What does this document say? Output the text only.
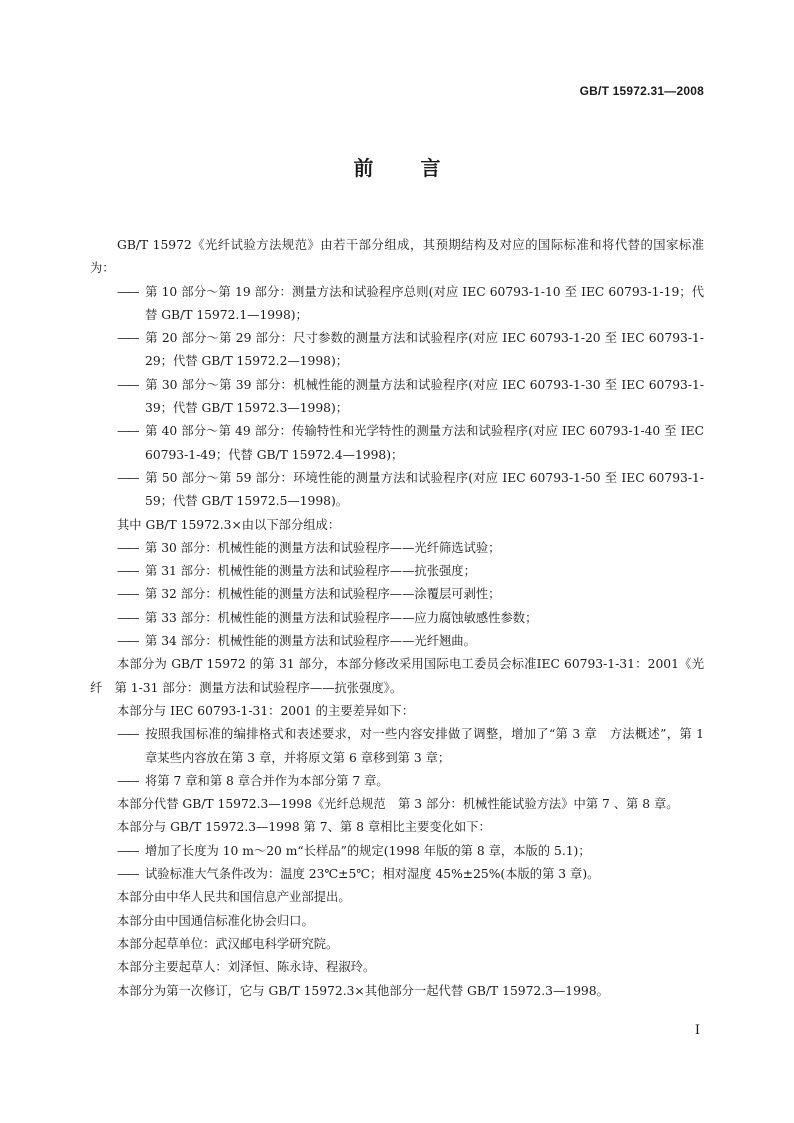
GB/T 15972.31—2008
前 言

GB/T 15972《光纤试验方法规范》由若干部分组成，其预期结构及对应的国际标准和将代替的国家标准为：

—— 第 10 部分～第 19 部分：测量方法和试验程序总则(对应 IEC 60793-1-10 至 IEC 60793-1-19；代替 GB/T 15972.1—1998)；

—— 第 20 部分～第 29 部分：尺寸参数的测量方法和试验程序(对应 IEC 60793-1-20 至 IEC 60793-1-29；代替 GB/T 15972.2—1998)；

—— 第 30 部分～第 39 部分：机械性能的测量方法和试验程序(对应 IEC 60793-1-30 至 IEC 60793-1-39；代替 GB/T 15972.3—1998)；

—— 第 40 部分～第 49 部分：传输特性和光学特性的测量方法和试验程序(对应 IEC 60793-1-40 至 IEC 60793-1-49；代替 GB/T 15972.4—1998)；

—— 第 50 部分～第 59 部分：环境性能的测量方法和试验程序(对应 IEC 60793-1-50 至 IEC 60793-1-59；代替 GB/T 15972.5—1998)。

其中 GB/T 15972.3×由以下部分组成：

—— 第 30 部分：机械性能的测量方法和试验程序——光纤筛选试验；

—— 第 31 部分：机械性能的测量方法和试验程序——抗张强度；

—— 第 32 部分：机械性能的测量方法和试验程序——涂覆层可剥性；

—— 第 33 部分：机械性能的测量方法和试验程序——应力腐蚀敏感性参数；

—— 第 34 部分：机械性能的测量方法和试验程序——光纤翘曲。

本部分为 GB/T 15972 的第 31 部分，本部分修改采用国际电工委员会标准IEC 60793-1-31：2001《光纤　第 1-31 部分：测量方法和试验程序——抗张强度》。

本部分与 IEC 60793-1-31：2001 的主要差异如下：

—— 按照我国标准的编排格式和表述要求，对一些内容安排做了调整，增加了“第 3 章　方法概述”，第 1 章某些内容放在第 3 章，并将原文第 6 章移到第 3 章；

—— 将第 7 章和第 8 章合并作为本部分第 7 章。

本部分代替 GB/T 15972.3—1998《光纤总规范　第 3 部分：机械性能试验方法》中第 7 、第 8 章。

本部分与 GB/T 15972.3—1998 第 7、第 8 章相比主要变化如下：

—— 增加了长度为 10 m～20 m“长样品”的规定(1998 年版的第 8 章，本版的 5.1)；

—— 试验标准大气条件改为：温度 23℃±5℃；相对湿度 45%±25%(本版的第 3 章)。

本部分由中华人民共和国信息产业部提出。

本部分由中国通信标准化协会归口。

本部分起草单位：武汉邮电科学研究院。

本部分主要起草人：刘泽恒、陈永诗、程淑玲。

本部分为第一次修订，它与 GB/T 15972.3×其他部分一起代替 GB/T 15972.3—1998。

I
